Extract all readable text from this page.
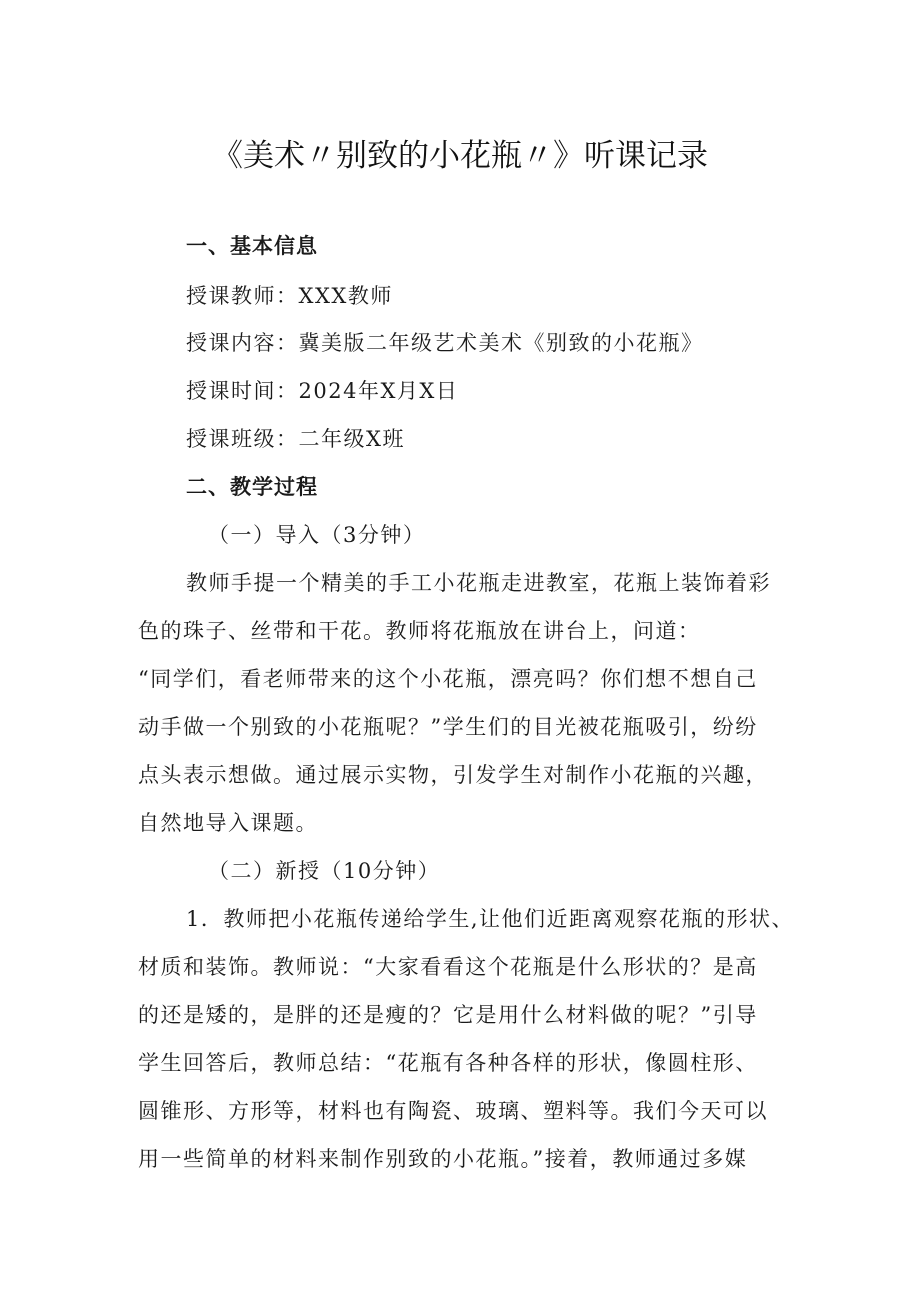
《美术〃别致的小花瓶〃》听课记录
一、基本信息
授课教师：XXX教师
授课内容：冀美版二年级艺术美术《别致的小花瓶》
授课时间：2024年X月X日
授课班级：二年级X班
二、教学过程
（一）导入（3分钟）
教师手提一个精美的手工小花瓶走进教室，花瓶上装饰着彩
色的珠子、丝带和干花。教师将花瓶放在讲台上，问道：
“同学们，看老师带来的这个小花瓶，漂亮吗？你们想不想自己
动手做一个别致的小花瓶呢？”学生们的目光被花瓶吸引，纷纷
点头表示想做。通过展示实物，引发学生对制作小花瓶的兴趣，
自然地导入课题。
（二）新授（10分钟）
1．教师把小花瓶传递给学生,让他们近距离观察花瓶的形状、
材质和装饰。教师说：“大家看看这个花瓶是什么形状的？是高
的还是矮的，是胖的还是瘦的？它是用什么材料做的呢？”引导
学生回答后，教师总结：“花瓶有各种各样的形状，像圆柱形、
圆锥形、方形等，材料也有陶瓷、玻璃、塑料等。我们今天可以
用一些简单的材料来制作别致的小花瓶。”接着，教师通过多媒
